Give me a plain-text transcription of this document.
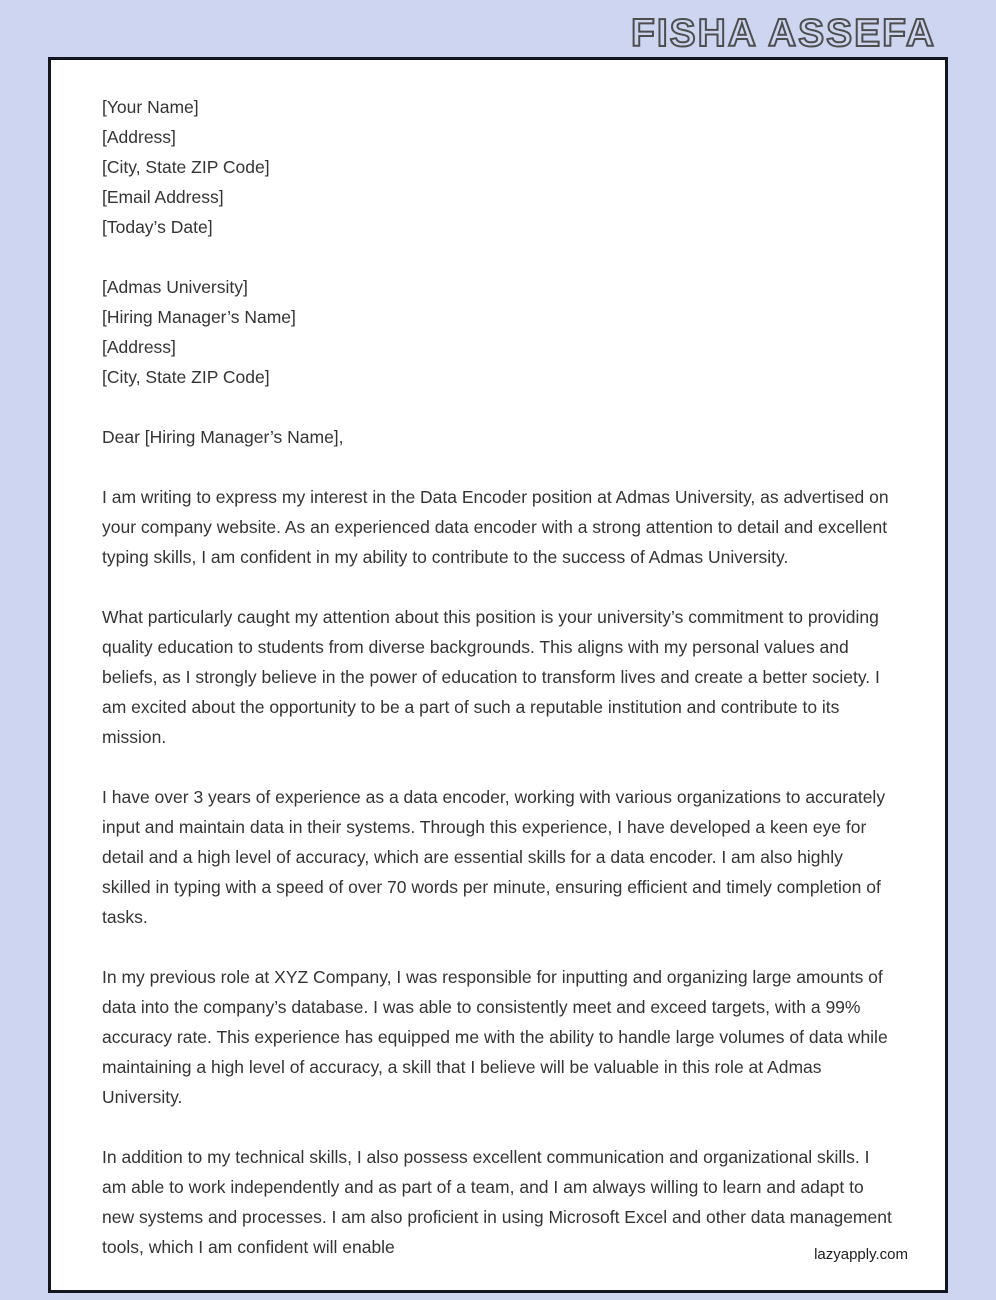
FISHA ASSEFA
[Your Name]
[Address]
[City, State ZIP Code]
[Email Address]
[Today’s Date]
[Admas University]
[Hiring Manager’s Name]
[Address]
[City, State ZIP Code]
Dear [Hiring Manager’s Name],

I am writing to express my interest in the Data Encoder position at Admas University, as advertised on your company website. As an experienced data encoder with a strong attention to detail and excellent typing skills, I am confident in my ability to contribute to the success of Admas University.

What particularly caught my attention about this position is your university’s commitment to providing quality education to students from diverse backgrounds. This aligns with my personal values and beliefs, as I strongly believe in the power of education to transform lives and create a better society. I am excited about the opportunity to be a part of such a reputable institution and contribute to its mission.

I have over 3 years of experience as a data encoder, working with various organizations to accurately input and maintain data in their systems. Through this experience, I have developed a keen eye for detail and a high level of accuracy, which are essential skills for a data encoder. I am also highly skilled in typing with a speed of over 70 words per minute, ensuring efficient and timely completion of tasks.

In my previous role at XYZ Company, I was responsible for inputting and organizing large amounts of data into the company’s database. I was able to consistently meet and exceed targets, with a 99% accuracy rate. This experience has equipped me with the ability to handle large volumes of data while maintaining a high level of accuracy, a skill that I believe will be valuable in this role at Admas University.

In addition to my technical skills, I also possess excellent communication and organizational skills. I am able to work independently and as part of a team, and I am always willing to learn and adapt to new systems and processes. I am also proficient in using Microsoft Excel and other data management tools, which I am confident will enable	lazyapply.com
